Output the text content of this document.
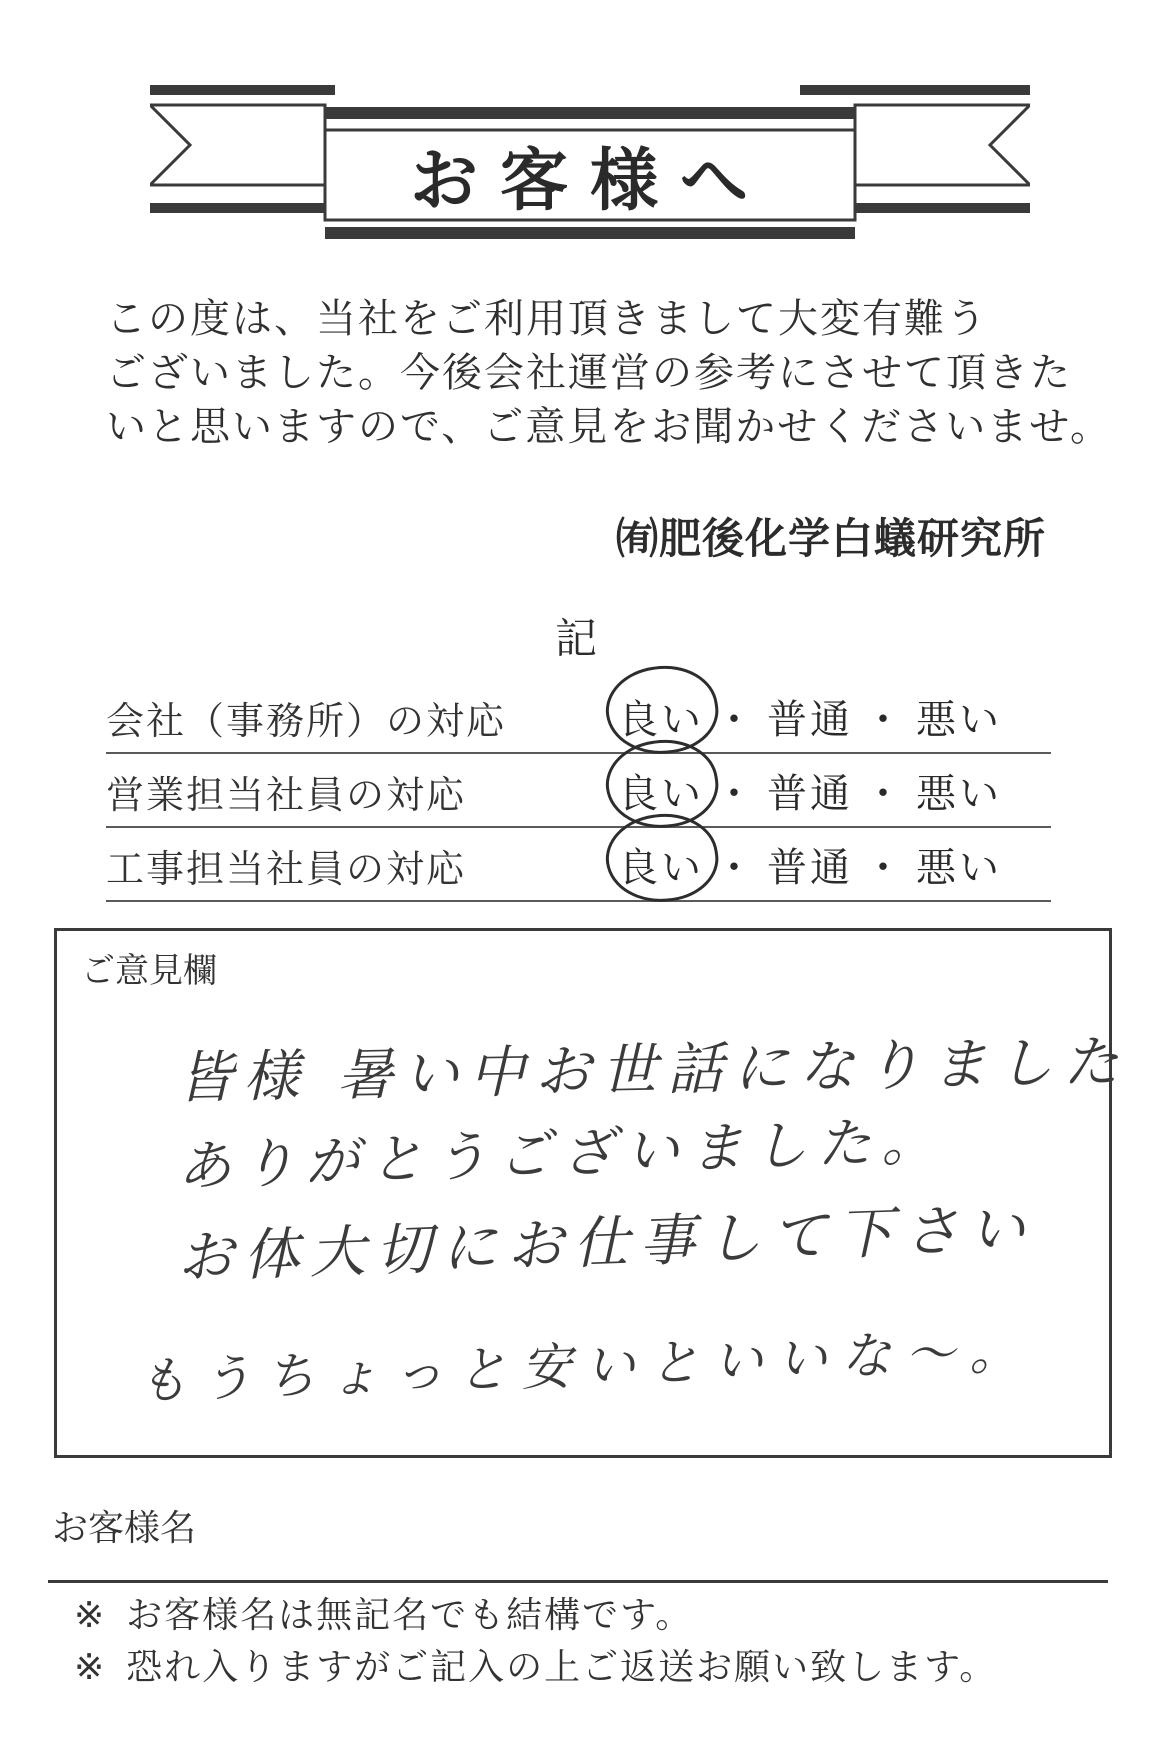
お客様へ
この度は、当社をご利用頂きまして大変有難う
ございました。今後会社運営の参考にさせて頂きた
いと思いますので、ご意見をお聞かせくださいませ。
㈲肥後化学白蟻研究所
記
会社（事務所）の対応	良い ・ 普通 ・ 悪い
営業担当社員の対応	良い ・ 普通 ・ 悪い
工事担当社員の対応	良い ・ 普通 ・ 悪い
ご意見欄
皆様 暑い中お世話になりました
ありがとうございました。
お体大切にお仕事して下さい
もうちょっと安いといいな〜。
お客様名
※ お客様名は無記名でも結構です。
※ 恐れ入りますがご記入の上ご返送お願い致します。
